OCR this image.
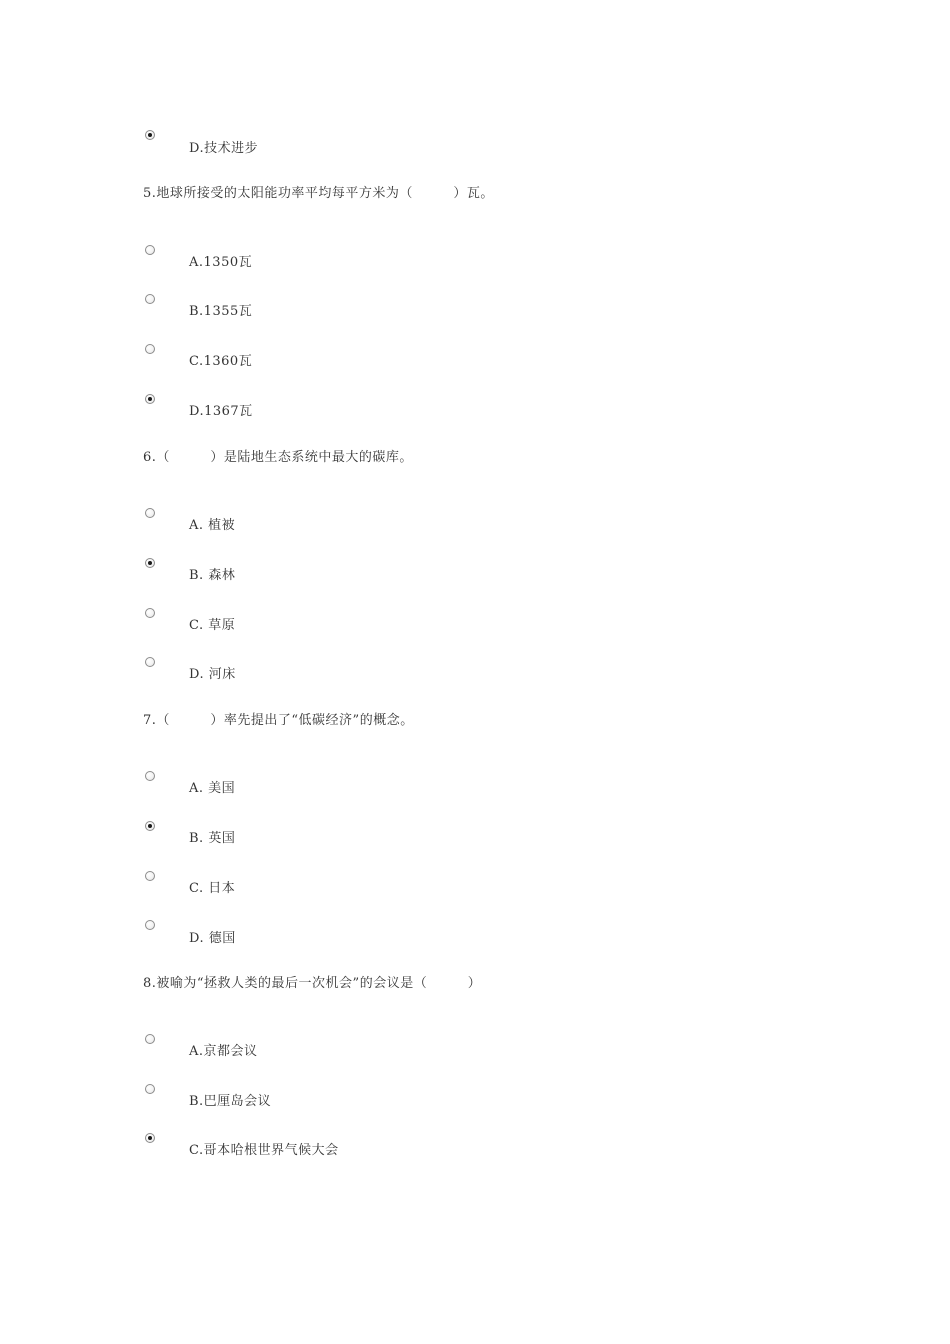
D.技术进步
5.地球所接受的太阳能功率平均每平方米为（　　　）瓦。
A.1350瓦
B.1355瓦
C.1360瓦
D.1367瓦
6.（　　　）是陆地生态系统中最大的碳库。
A. 植被
B. 森林
C. 草原
D. 河床
7.（　　　）率先提出了“低碳经济”的概念。
A. 美国
B. 英国
C. 日本
D. 德国
8.被喻为“拯救人类的最后一次机会”的会议是（　　　）
A.京都会议
B.巴厘岛会议
C.哥本哈根世界气候大会
